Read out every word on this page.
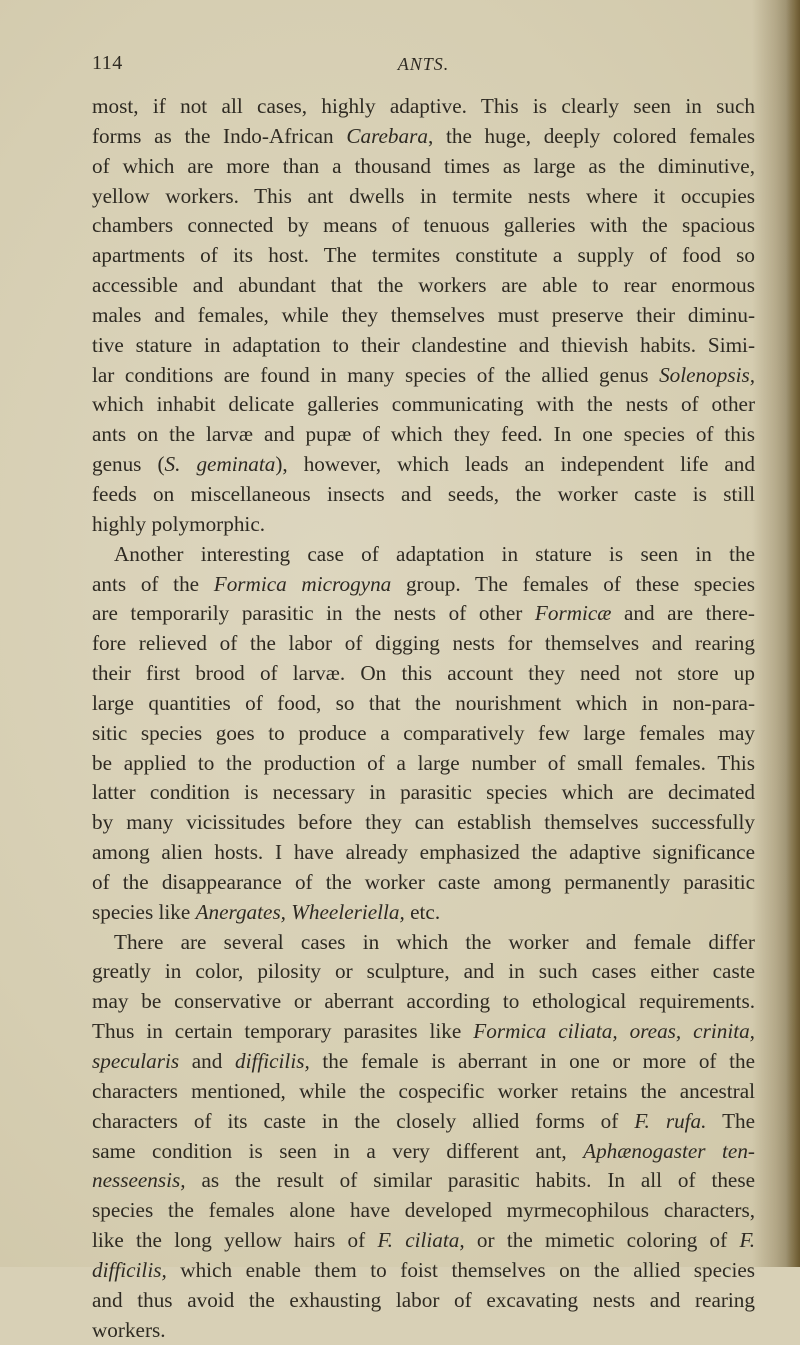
114	ANTS.
most, if not all cases, highly adaptive. This is clearly seen in such
forms as the Indo-African Carebara, the huge, deeply colored females
of which are more than a thousand times as large as the diminutive,
yellow workers. This ant dwells in termite nests where it occupies
chambers connected by means of tenuous galleries with the spacious
apartments of its host. The termites constitute a supply of food so
accessible and abundant that the workers are able to rear enormous
males and females, while they themselves must preserve their diminu-
tive stature in adaptation to their clandestine and thievish habits. Simi-
lar conditions are found in many species of the allied genus Solenopsis,
which inhabit delicate galleries communicating with the nests of other
ants on the larvæ and pupæ of which they feed. In one species of this
genus (S. geminata), however, which leads an independent life and
feeds on miscellaneous insects and seeds, the worker caste is still
highly polymorphic.
Another interesting case of adaptation in stature is seen in the
ants of the Formica microgyna group. The females of these species
are temporarily parasitic in the nests of other Formicæ and are there-
fore relieved of the labor of digging nests for themselves and rearing
their first brood of larvæ. On this account they need not store up
large quantities of food, so that the nourishment which in non-para-
sitic species goes to produce a comparatively few large females may
be applied to the production of a large number of small females. This
latter condition is necessary in parasitic species which are decimated
by many vicissitudes before they can establish themselves successfully
among alien hosts. I have already emphasized the adaptive significance
of the disappearance of the worker caste among permanently parasitic
species like Anergates, Wheeleriella, etc.
There are several cases in which the worker and female differ
greatly in color, pilosity or sculpture, and in such cases either caste
may be conservative or aberrant according to ethological requirements.
Thus in certain temporary parasites like Formica ciliata, oreas, crinita,
specularis and difficilis, the female is aberrant in one or more of the
characters mentioned, while the cospecific worker retains the ancestral
characters of its caste in the closely allied forms of F. rufa. The
same condition is seen in a very different ant, Aphænogaster ten-
nesseensis, as the result of similar parasitic habits. In all of these
species the females alone have developed myrmecophilous characters,
like the long yellow hairs of F. ciliata, or the mimetic coloring of F.
difficilis, which enable them to foist themselves on the allied species
and thus avoid the exhausting labor of excavating nests and rearing
workers.
